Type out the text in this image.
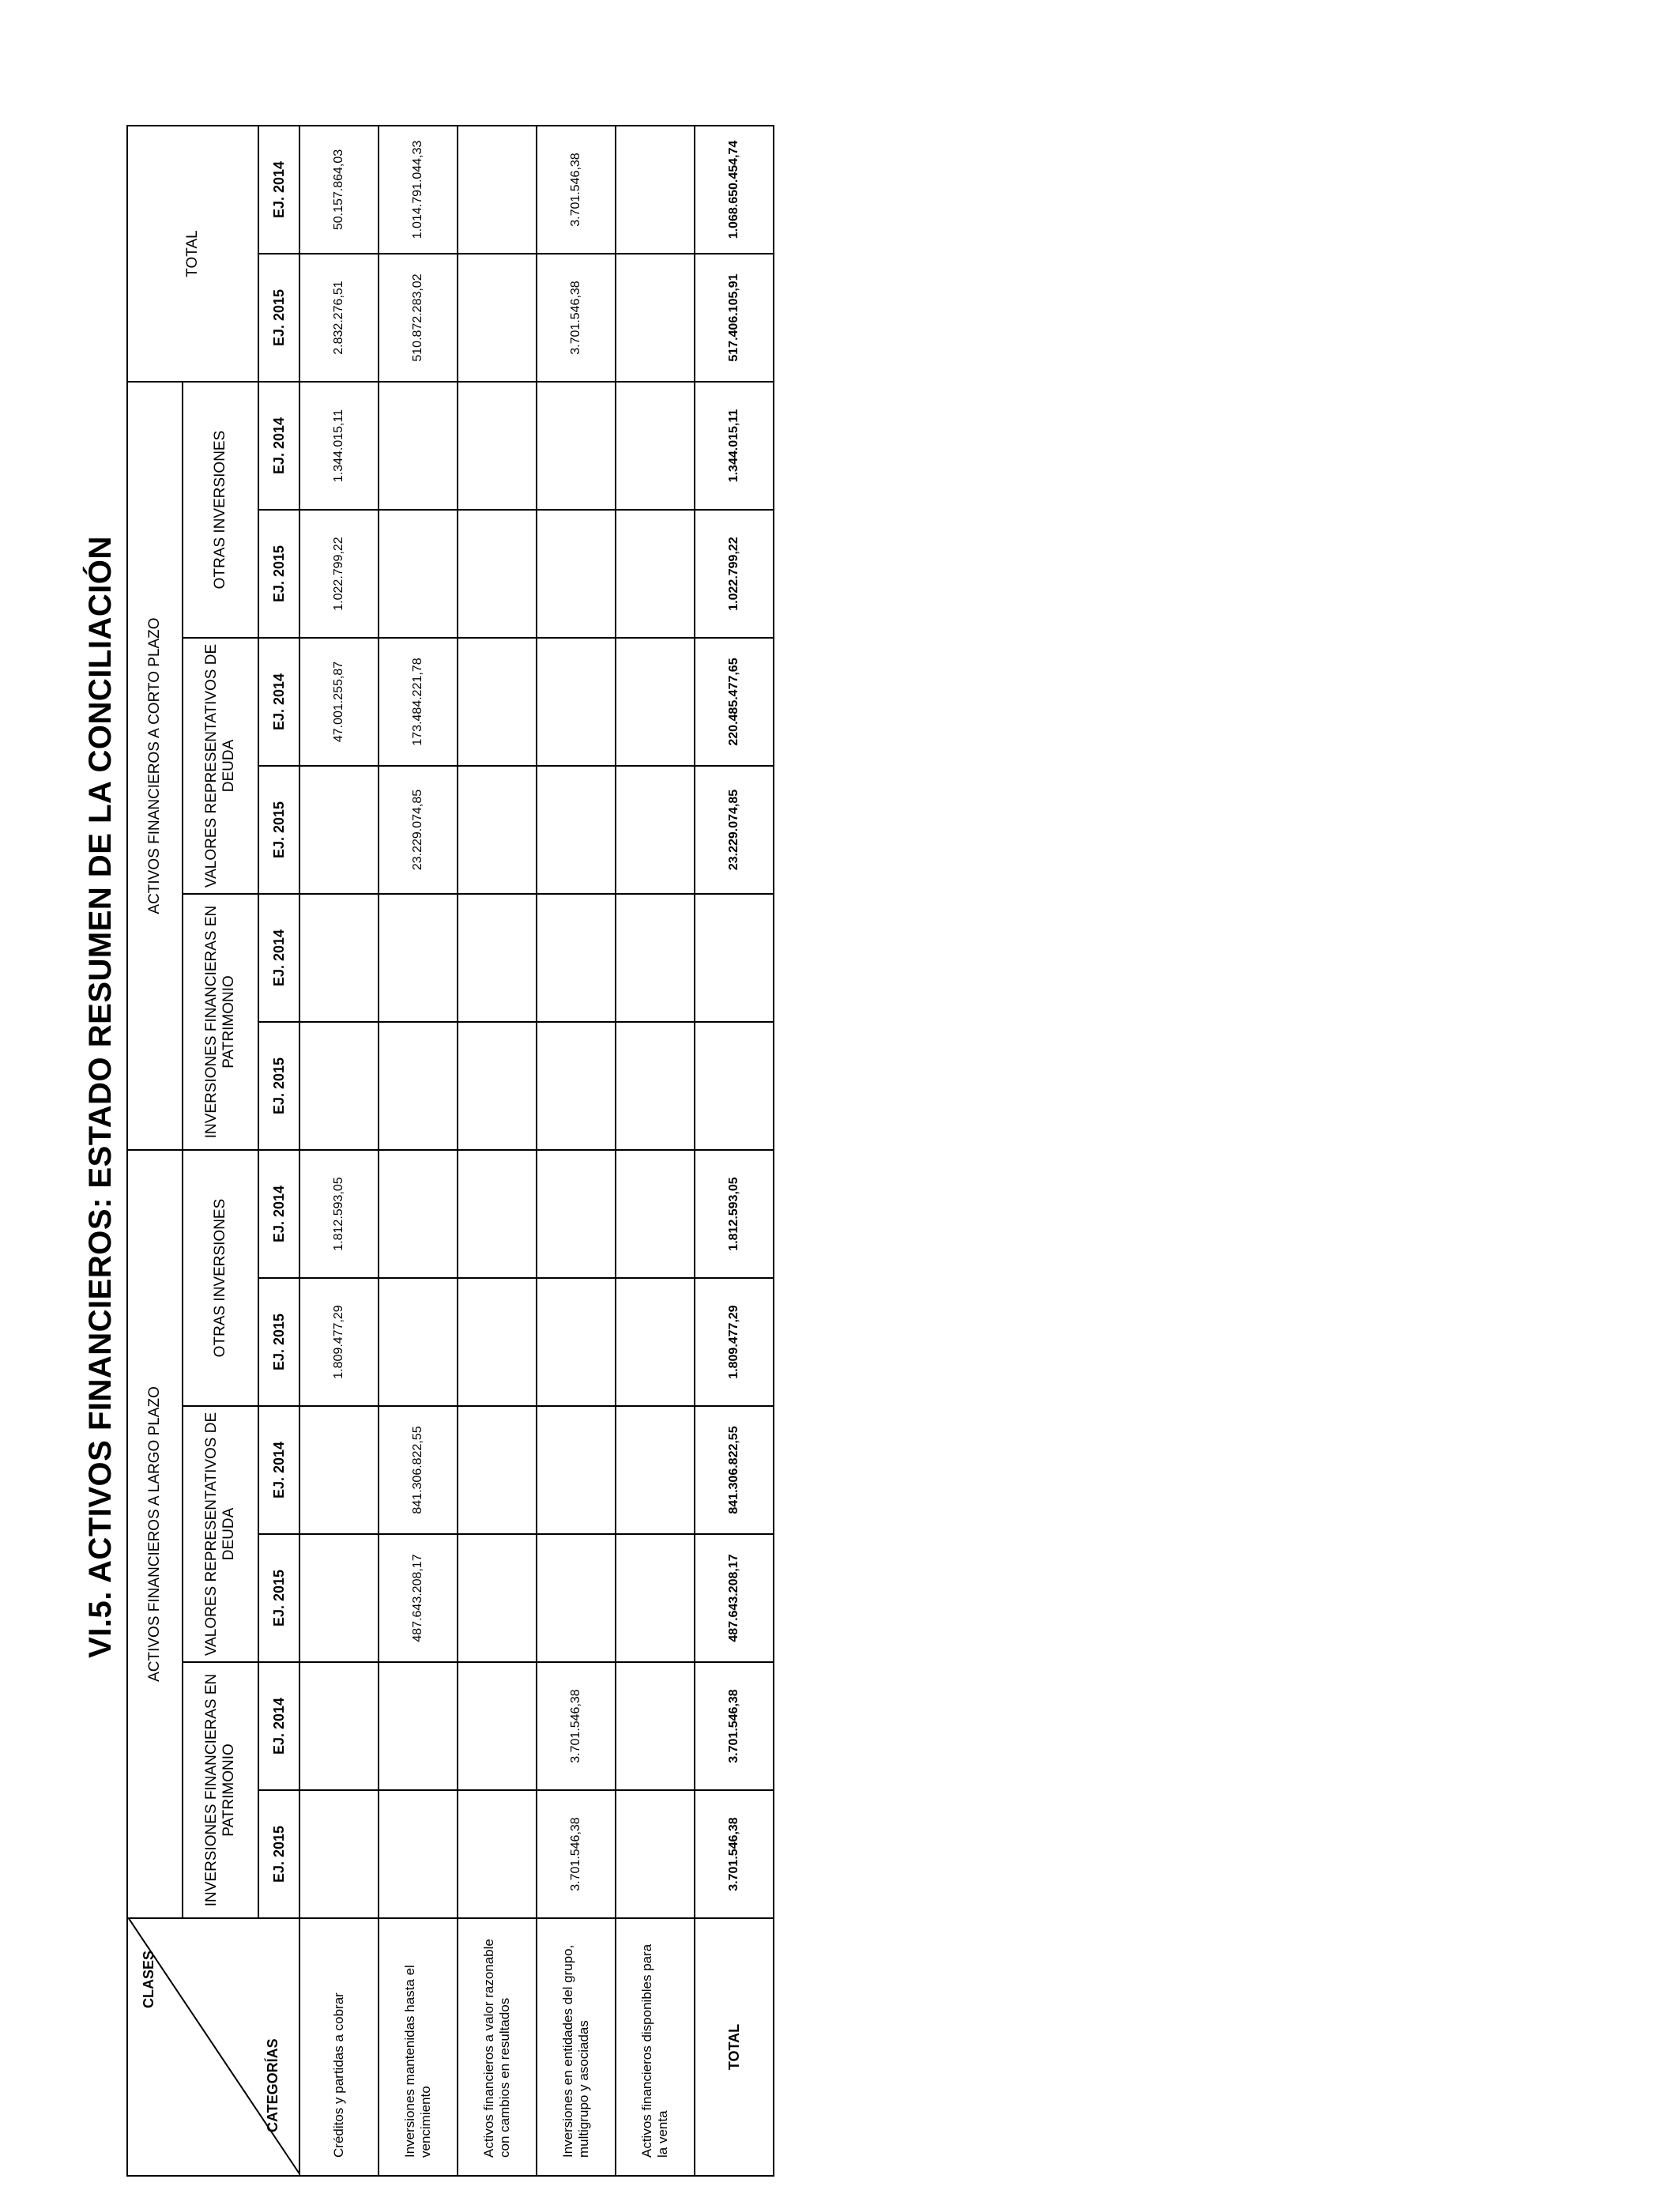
VI.5. ACTIVOS FINANCIEROS: ESTADO RESUMEN DE LA CONCILIACIÓN
CLASES
CATEGORÍAS	ACTIVOS FINANCIEROS A LARGO PLAZO						ACTIVOS FINANCIEROS A CORTO PLAZO						TOTAL	
	INVERSIONES FINANCIERAS EN PATRIMONIO		VALORES REPRESENTATIVOS DE DEUDA		OTRAS INVERSIONES		INVERSIONES FINANCIERAS EN PATRIMONIO		VALORES REPRESENTATIVOS DE DEUDA		OTRAS INVERSIONES			
	EJ. 2015	EJ. 2014	EJ. 2015	EJ. 2014	EJ. 2015	EJ. 2014	EJ. 2015	EJ. 2014	EJ. 2015	EJ. 2014	EJ. 2015	EJ. 2014	EJ. 2015	EJ. 2014
Créditos y partidas a cobrar					1.809.477,29	1.812.593,05				47.001.255,87	1.022.799,22	1.344.015,11	2.832.276,51	50.157.864,03
Inversiones mantenidas hasta el vencimiento			487.643.208,17	841.306.822,55					23.229.074,85	173.484.221,78			510.872.283,02	1.014.791.044,33
Activos financieros a valor razonable con cambios en resultados														
Inversiones en entidades del grupo, multigrupo y asociadas	3.701.546,38	3.701.546,38											3.701.546,38	3.701.546,38
Activos financieros disponibles para la venta														
TOTAL	3.701.546,38	3.701.546,38	487.643.208,17	841.306.822,55	1.809.477,29	1.812.593,05			23.229.074,85	220.485.477,65	1.022.799,22	1.344.015,11	517.406.105,91	1.068.650.454,74
